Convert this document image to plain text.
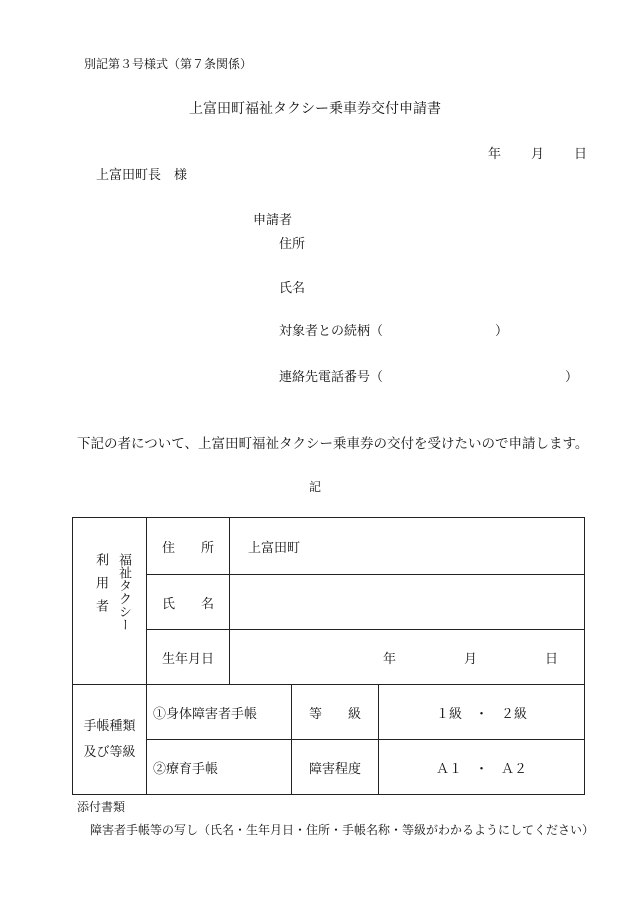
別記第３号様式（第７条関係）
上富田町福祉タクシー乗車券交付申請書
年 月 日
上富田町長　様
申請者
住所
氏名
対象者との続柄（	）
連絡先電話番号（	）
下記の者について、上富田町福祉タクシー乗車券の交付を受けたいので申請します。
記
利用者 福祉タクシー	住　　所	上富田町		
	氏　　名			
	生年月日	年 月 日		

手帳種類及び等級	①身体障害者手帳		等　　級	１級　・　２級
	②療育手帳		障害程度	Ａ１　・　Ａ２
添付書類
障害者手帳等の写し（氏名・生年月日・住所・手帳名称・等級がわかるようにしてください）
